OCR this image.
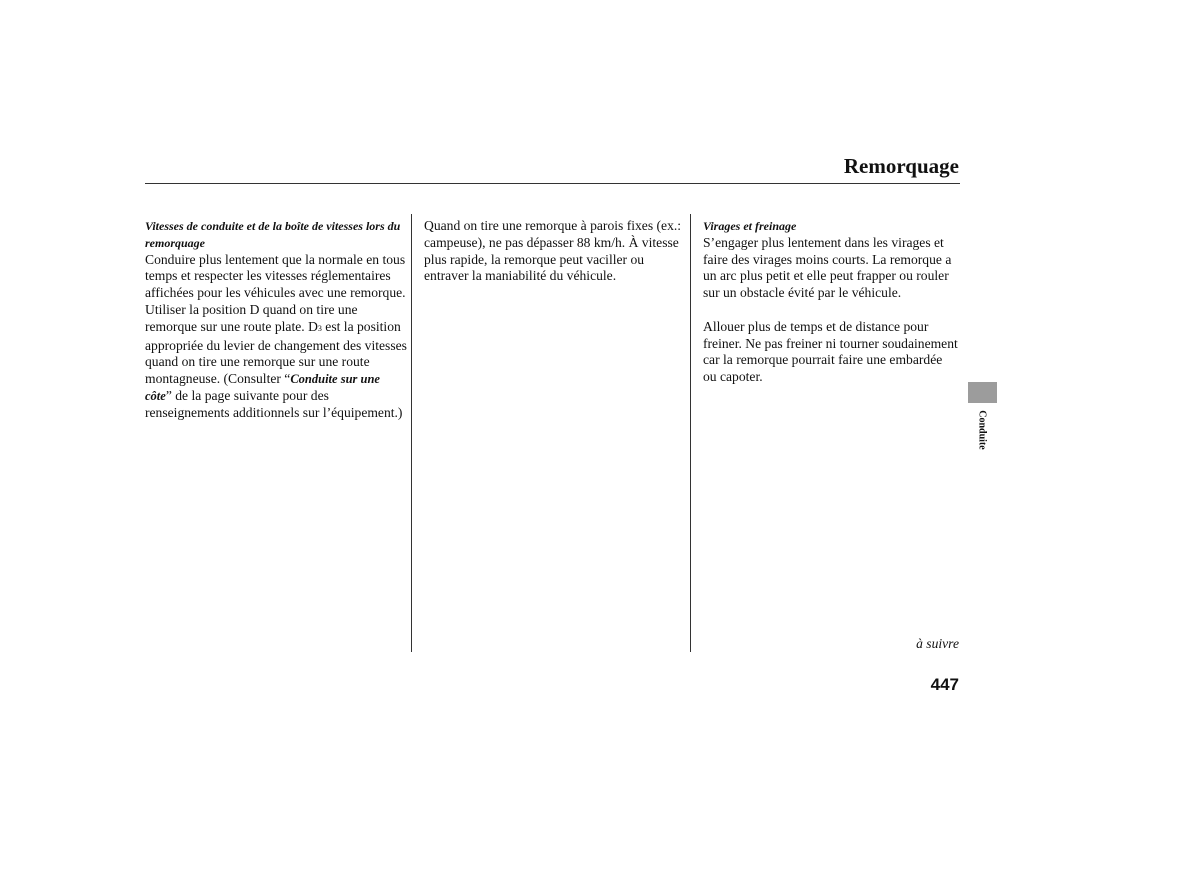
Remorquage

Vitesses de conduite et de la boîte de vitesses lors du remorquage

Conduire plus lentement que la normale en tous temps et respecter les vitesses réglementaires affichées pour les véhicules avec une remorque. Utiliser la position D quand on tire une remorque sur une route plate. D3 est la position appropriée du levier de changement des vitesses quand on tire une remorque sur une route montagneuse. (Consulter “Conduite sur une côte” de la page suivante pour des renseignements additionnels sur l’équipement.)

Quand on tire une remorque à parois fixes (ex.: campeuse), ne pas dépasser 88 km/h. À vitesse plus rapide, la remorque peut vaciller ou entraver la maniabilité du véhicule.

Virages et freinage

S’engager plus lentement dans les virages et faire des virages moins courts. La remorque a un arc plus petit et elle peut frapper ou rouler sur un obstacle évité par le véhicule.

Allouer plus de temps et de distance pour freiner. Ne pas freiner ni tourner soudainement car la remorque pourrait faire une embardée ou capoter.

Conduite
à suivre
447
